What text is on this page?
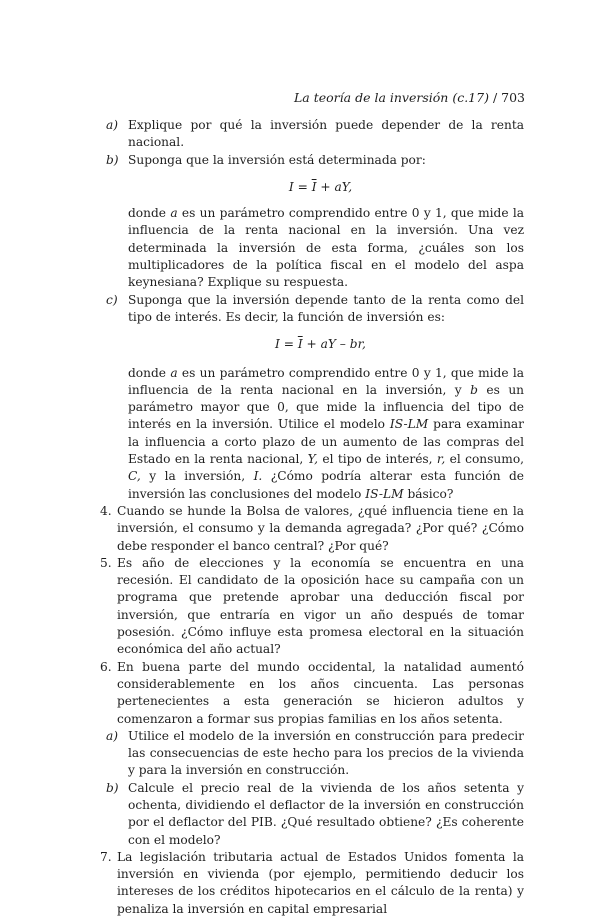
La teoría de la inversión (c.17) / 703
a) Explique por qué la inversión puede depender de la renta nacional.
b) Suponga que la inversión está determinada por:
$I = \overline{I}$ + aY,
donde a es un parámetro comprendido entre 0 y 1, que mide la influencia de la renta nacional en la inversión. Una vez determinada la inversión de esta forma, ¿cuáles son los multiplicadores de la política fiscal en el modelo del aspa keynesiana? Explique su respuesta.
c) Suponga que la inversión depende tanto de la renta como del tipo de interés. Es decir, la función de inversión es:
$I = \overline{I}$ + aY – br,
donde a es un parámetro comprendido entre 0 y 1, que mide la influencia de la renta nacional en la inversión, y b es un parámetro mayor que 0, que mide la influencia del tipo de interés en la inversión. Utilice el modelo IS-LM para examinar la influencia a corto plazo de un aumento de las compras del Estado en la renta nacional, Y, el tipo de interés, r, el consumo, C, y la inversión, I. ¿Cómo podría alterar esta función de inversión las conclusiones del modelo IS-LM básico?
4. Cuando se hunde la Bolsa de valores, ¿qué influencia tiene en la inversión, el consumo y la demanda agregada? ¿Por qué? ¿Cómo debe responder el banco central? ¿Por qué?
5. Es año de elecciones y la economía se encuentra en una recesión. El candidato de la oposición hace su campaña con un programa que pretende aprobar una deducción fiscal por inversión, que entraría en vigor un año después de tomar posesión. ¿Cómo influye esta promesa electoral en la situación económica del año actual?
6. En buena parte del mundo occidental, la natalidad aumentó considerablemente en los años cincuenta. Las personas pertenecientes a esta generación se hicieron adultos y comenzaron a formar sus propias familias en los años setenta.
a) Utilice el modelo de la inversión en construcción para predecir las consecuencias de este hecho para los precios de la vivienda y para la inversión en construcción.
b) Calcule el precio real de la vivienda de los años setenta y ochenta, dividiendo el deflactor de la inversión en construcción por el deflactor del PIB. ¿Qué resultado obtiene? ¿Es coherente con el modelo?
7. La legislación tributaria actual de Estados Unidos fomenta la inversión en vivienda (por ejemplo, permitiendo deducir los intereses de los créditos hipotecarios en el cálculo de la renta) y penaliza la inversión en capital empresarial
